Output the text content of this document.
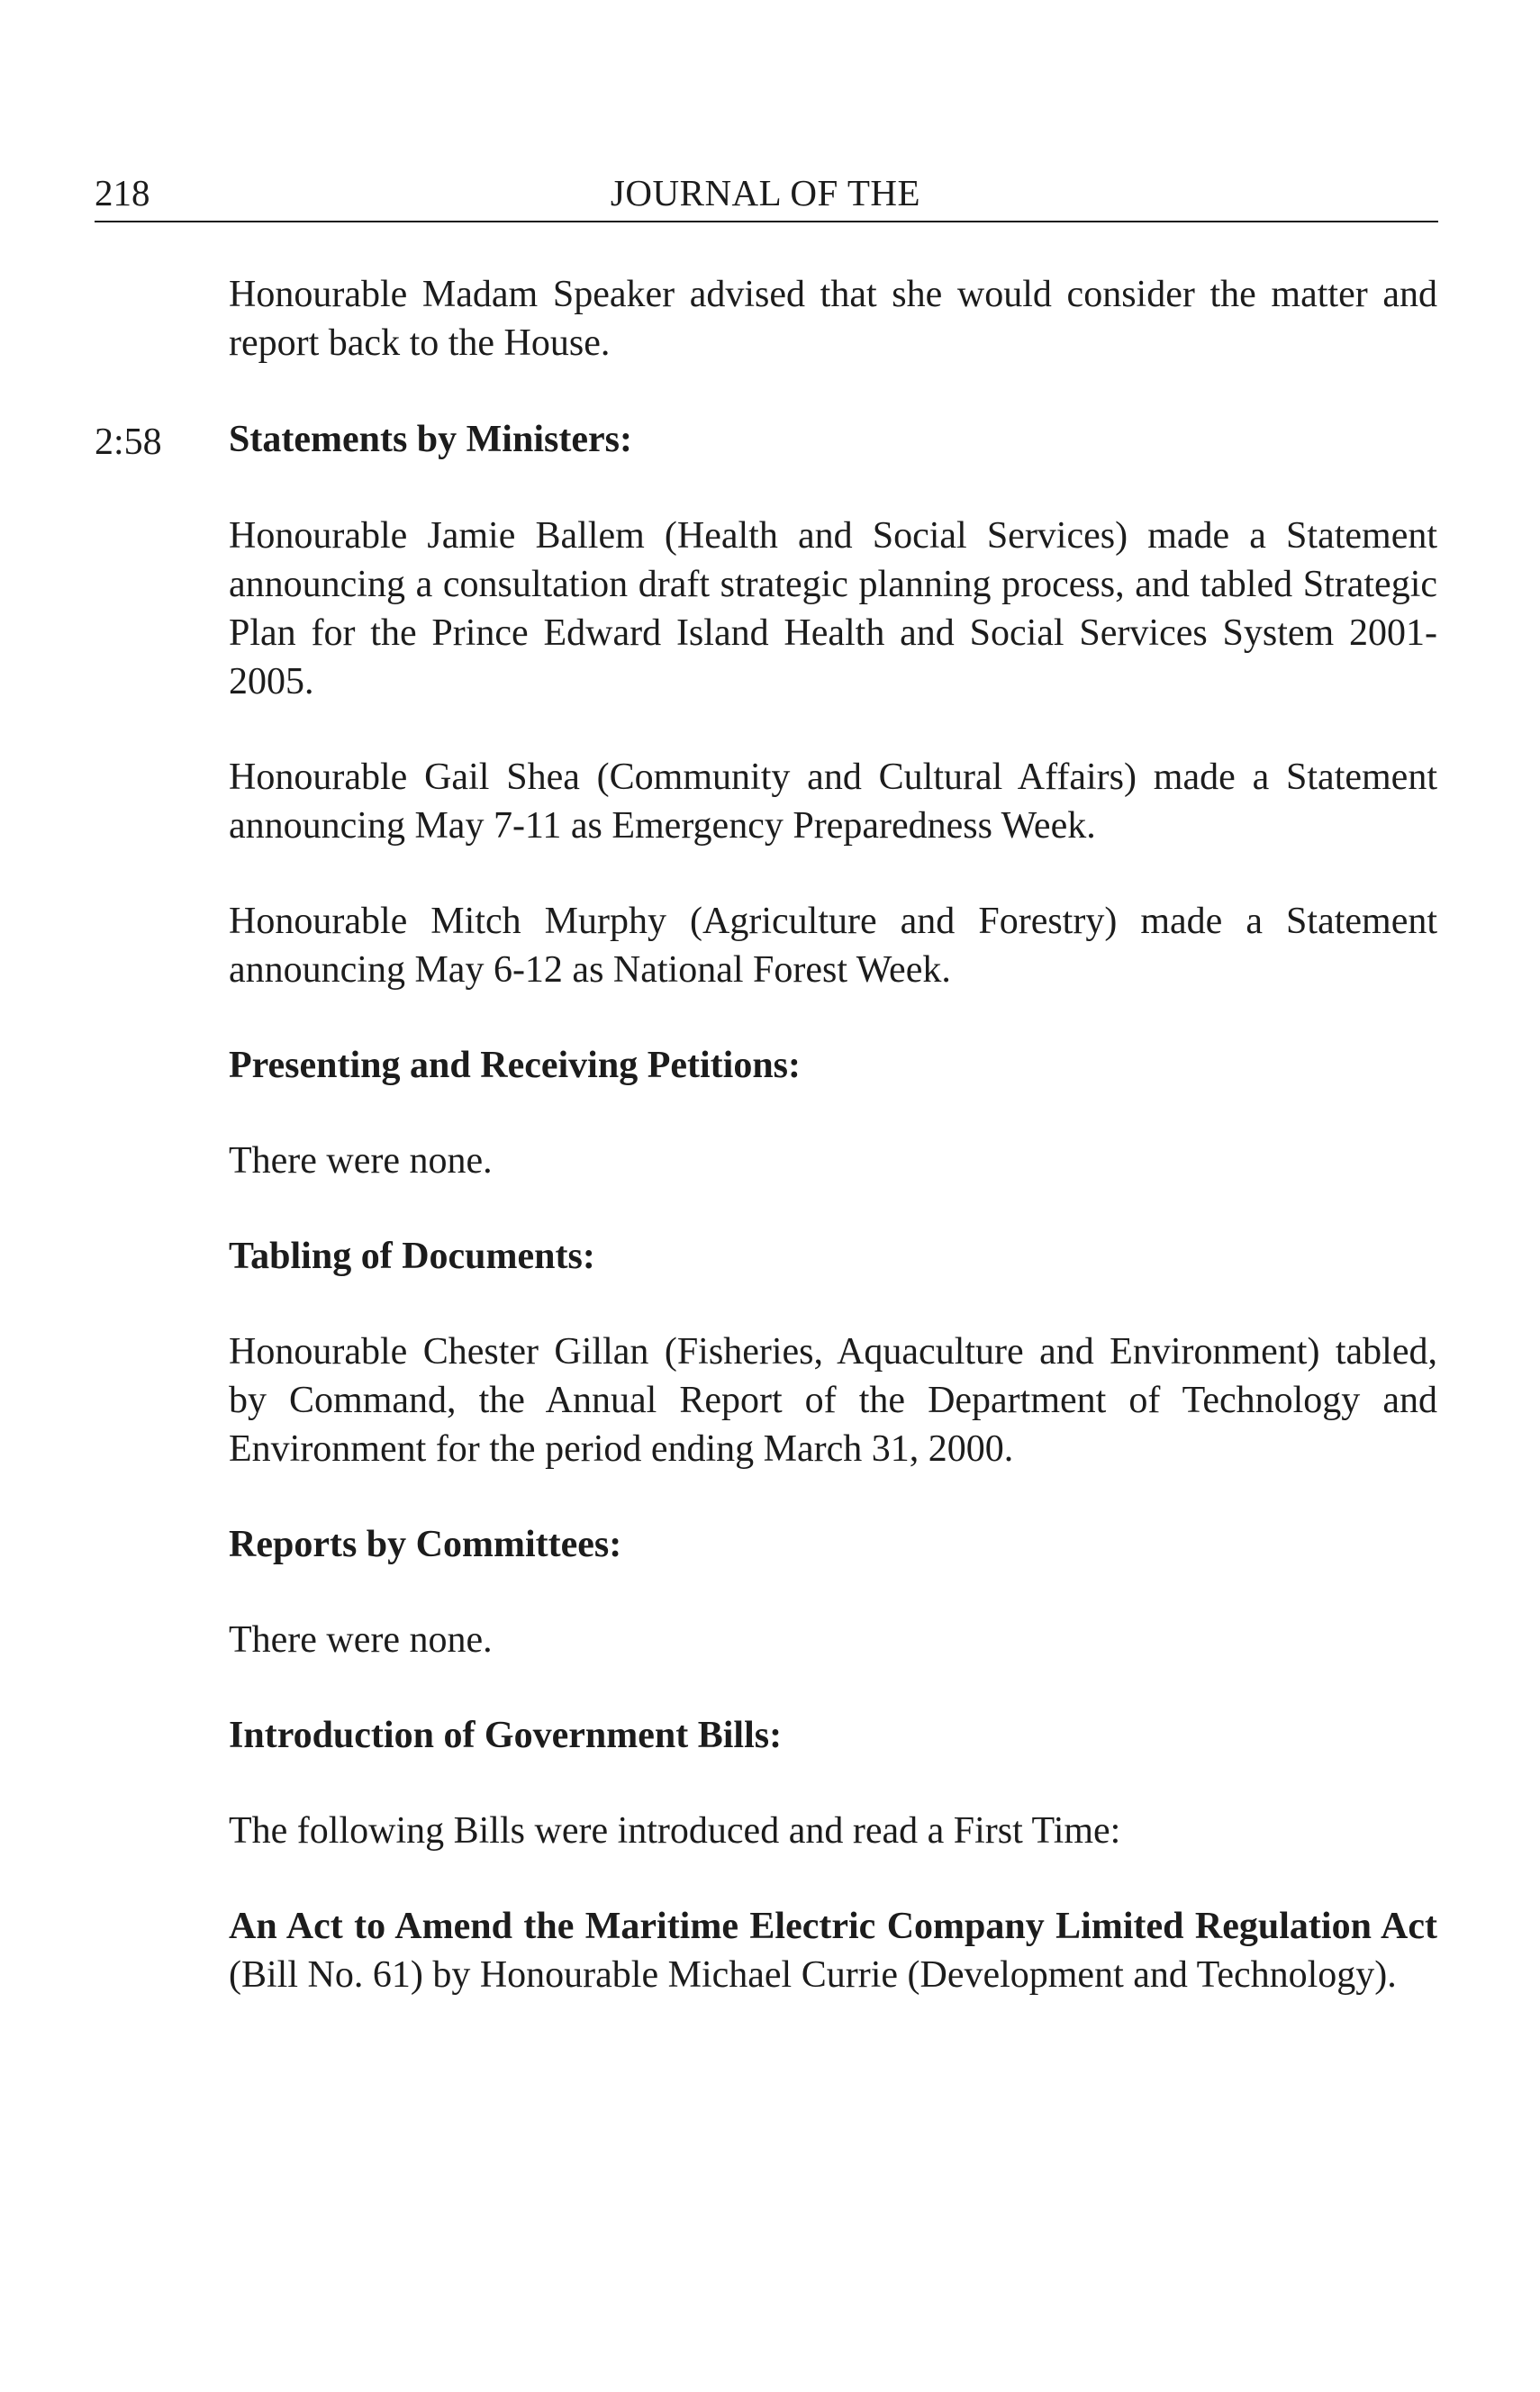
218	JOURNAL OF THE
2:58

Honourable Madam Speaker advised that she would consider the matter and report back to the House.

Statements by Ministers:

Honourable Jamie Ballem (Health and Social Services) made a Statement announcing a consultation draft strategic planning process, and tabled Strategic Plan for the Prince Edward Island Health and Social Services System 2001-2005.

Honourable Gail Shea (Community and Cultural Affairs) made a Statement announcing May 7-11 as Emergency Preparedness Week.

Honourable Mitch Murphy (Agriculture and Forestry) made a Statement announcing May 6-12 as National Forest Week.

Presenting and Receiving Petitions:

There were none.

Tabling of Documents:

Honourable Chester Gillan (Fisheries, Aquaculture and Environment) tabled, by Command, the Annual Report of the Department of Technology and Environment for the period ending March 31, 2000.

Reports by Committees:

There were none.

Introduction of Government Bills:

The following Bills were introduced and read a First Time:

An Act to Amend the Maritime Electric Company Limited Regulation Act (Bill No. 61) by Honourable Michael Currie (Development and Technology).
